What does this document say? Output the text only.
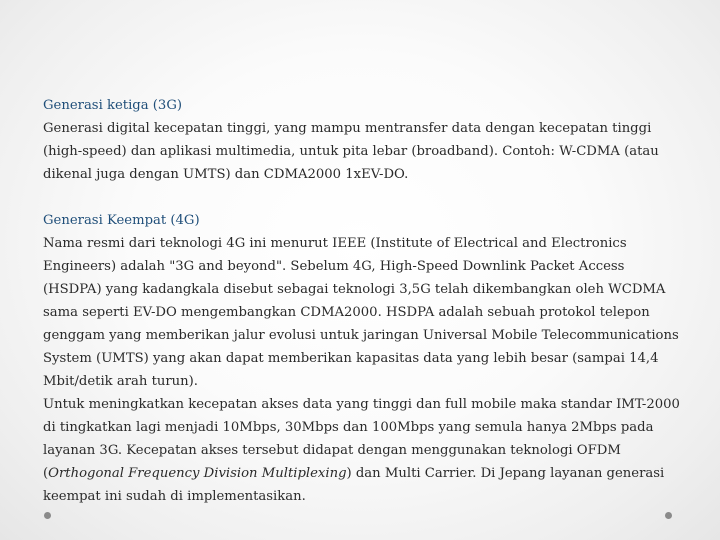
Generasi ketiga (3G)

Generasi digital kecepatan tinggi, yang mampu mentransfer data dengan kecepatan tinggi (high-speed) dan aplikasi multimedia, untuk pita lebar (broadband). Contoh: W-CDMA (atau dikenal juga dengan UMTS) dan CDMA2000 1xEV-DO.

Generasi Keempat (4G)

Nama resmi dari teknologi 4G ini menurut IEEE (Institute of Electrical and Electronics Engineers) adalah "3G and beyond". Sebelum 4G, High-Speed Downlink Packet Access (HSDPA) yang kadangkala disebut sebagai teknologi 3,5G telah dikembangkan oleh WCDMA sama seperti EV-DO mengembangkan CDMA2000. HSDPA adalah sebuah protokol telepon genggam yang memberikan jalur evolusi untuk jaringan Universal Mobile Telecommunications System (UMTS) yang akan dapat memberikan kapasitas data yang lebih besar (sampai 14,4 Mbit/detik arah turun).

Untuk meningkatkan kecepatan akses data yang tinggi dan full mobile maka standar IMT-2000 di tingkatkan lagi menjadi 10Mbps, 30Mbps dan 100Mbps yang semula hanya 2Mbps pada layanan 3G. Kecepatan akses tersebut didapat dengan menggunakan teknologi OFDM (Orthogonal Frequency Division Multiplexing) dan Multi Carrier. Di Jepang layanan generasi keempat ini sudah di implementasikan.
